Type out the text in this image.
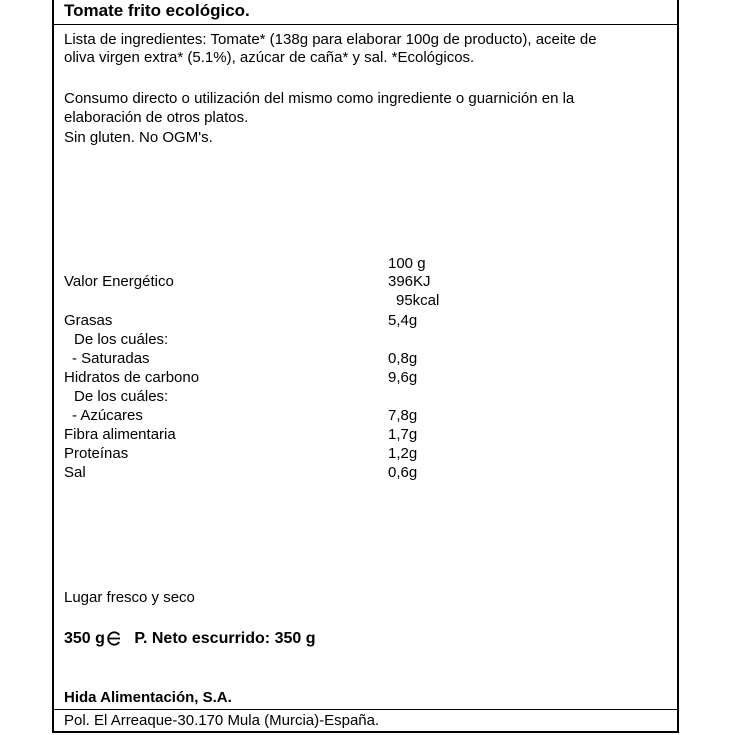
Tomate frito ecológico.
Lista de ingredientes: Tomate* (138g para elaborar 100g de producto), aceite de
oliva virgen extra* (5.1%), azúcar de caña* y sal. *Ecológicos.
Consumo directo o utilización del mismo como ingrediente o guarnición en la
elaboración de otros platos.
Sin gluten. No OGM's.
100 g
Valor Energético	396KJ
95kcal
Grasas	5,4g
De los cuáles:
- Saturadas	0,8g
Hidratos de carbono	9,6g
De los cuáles:
- Azúcares	7,8g
Fibra alimentaria	1,7g
Proteínas	1,2g
Sal	0,6g
Lugar fresco y seco
350 g P. Neto escurrido: 350 g
Hida Alimentación, S.A.
Pol. El Arreaque-30.170 Mula (Murcia)-España.
